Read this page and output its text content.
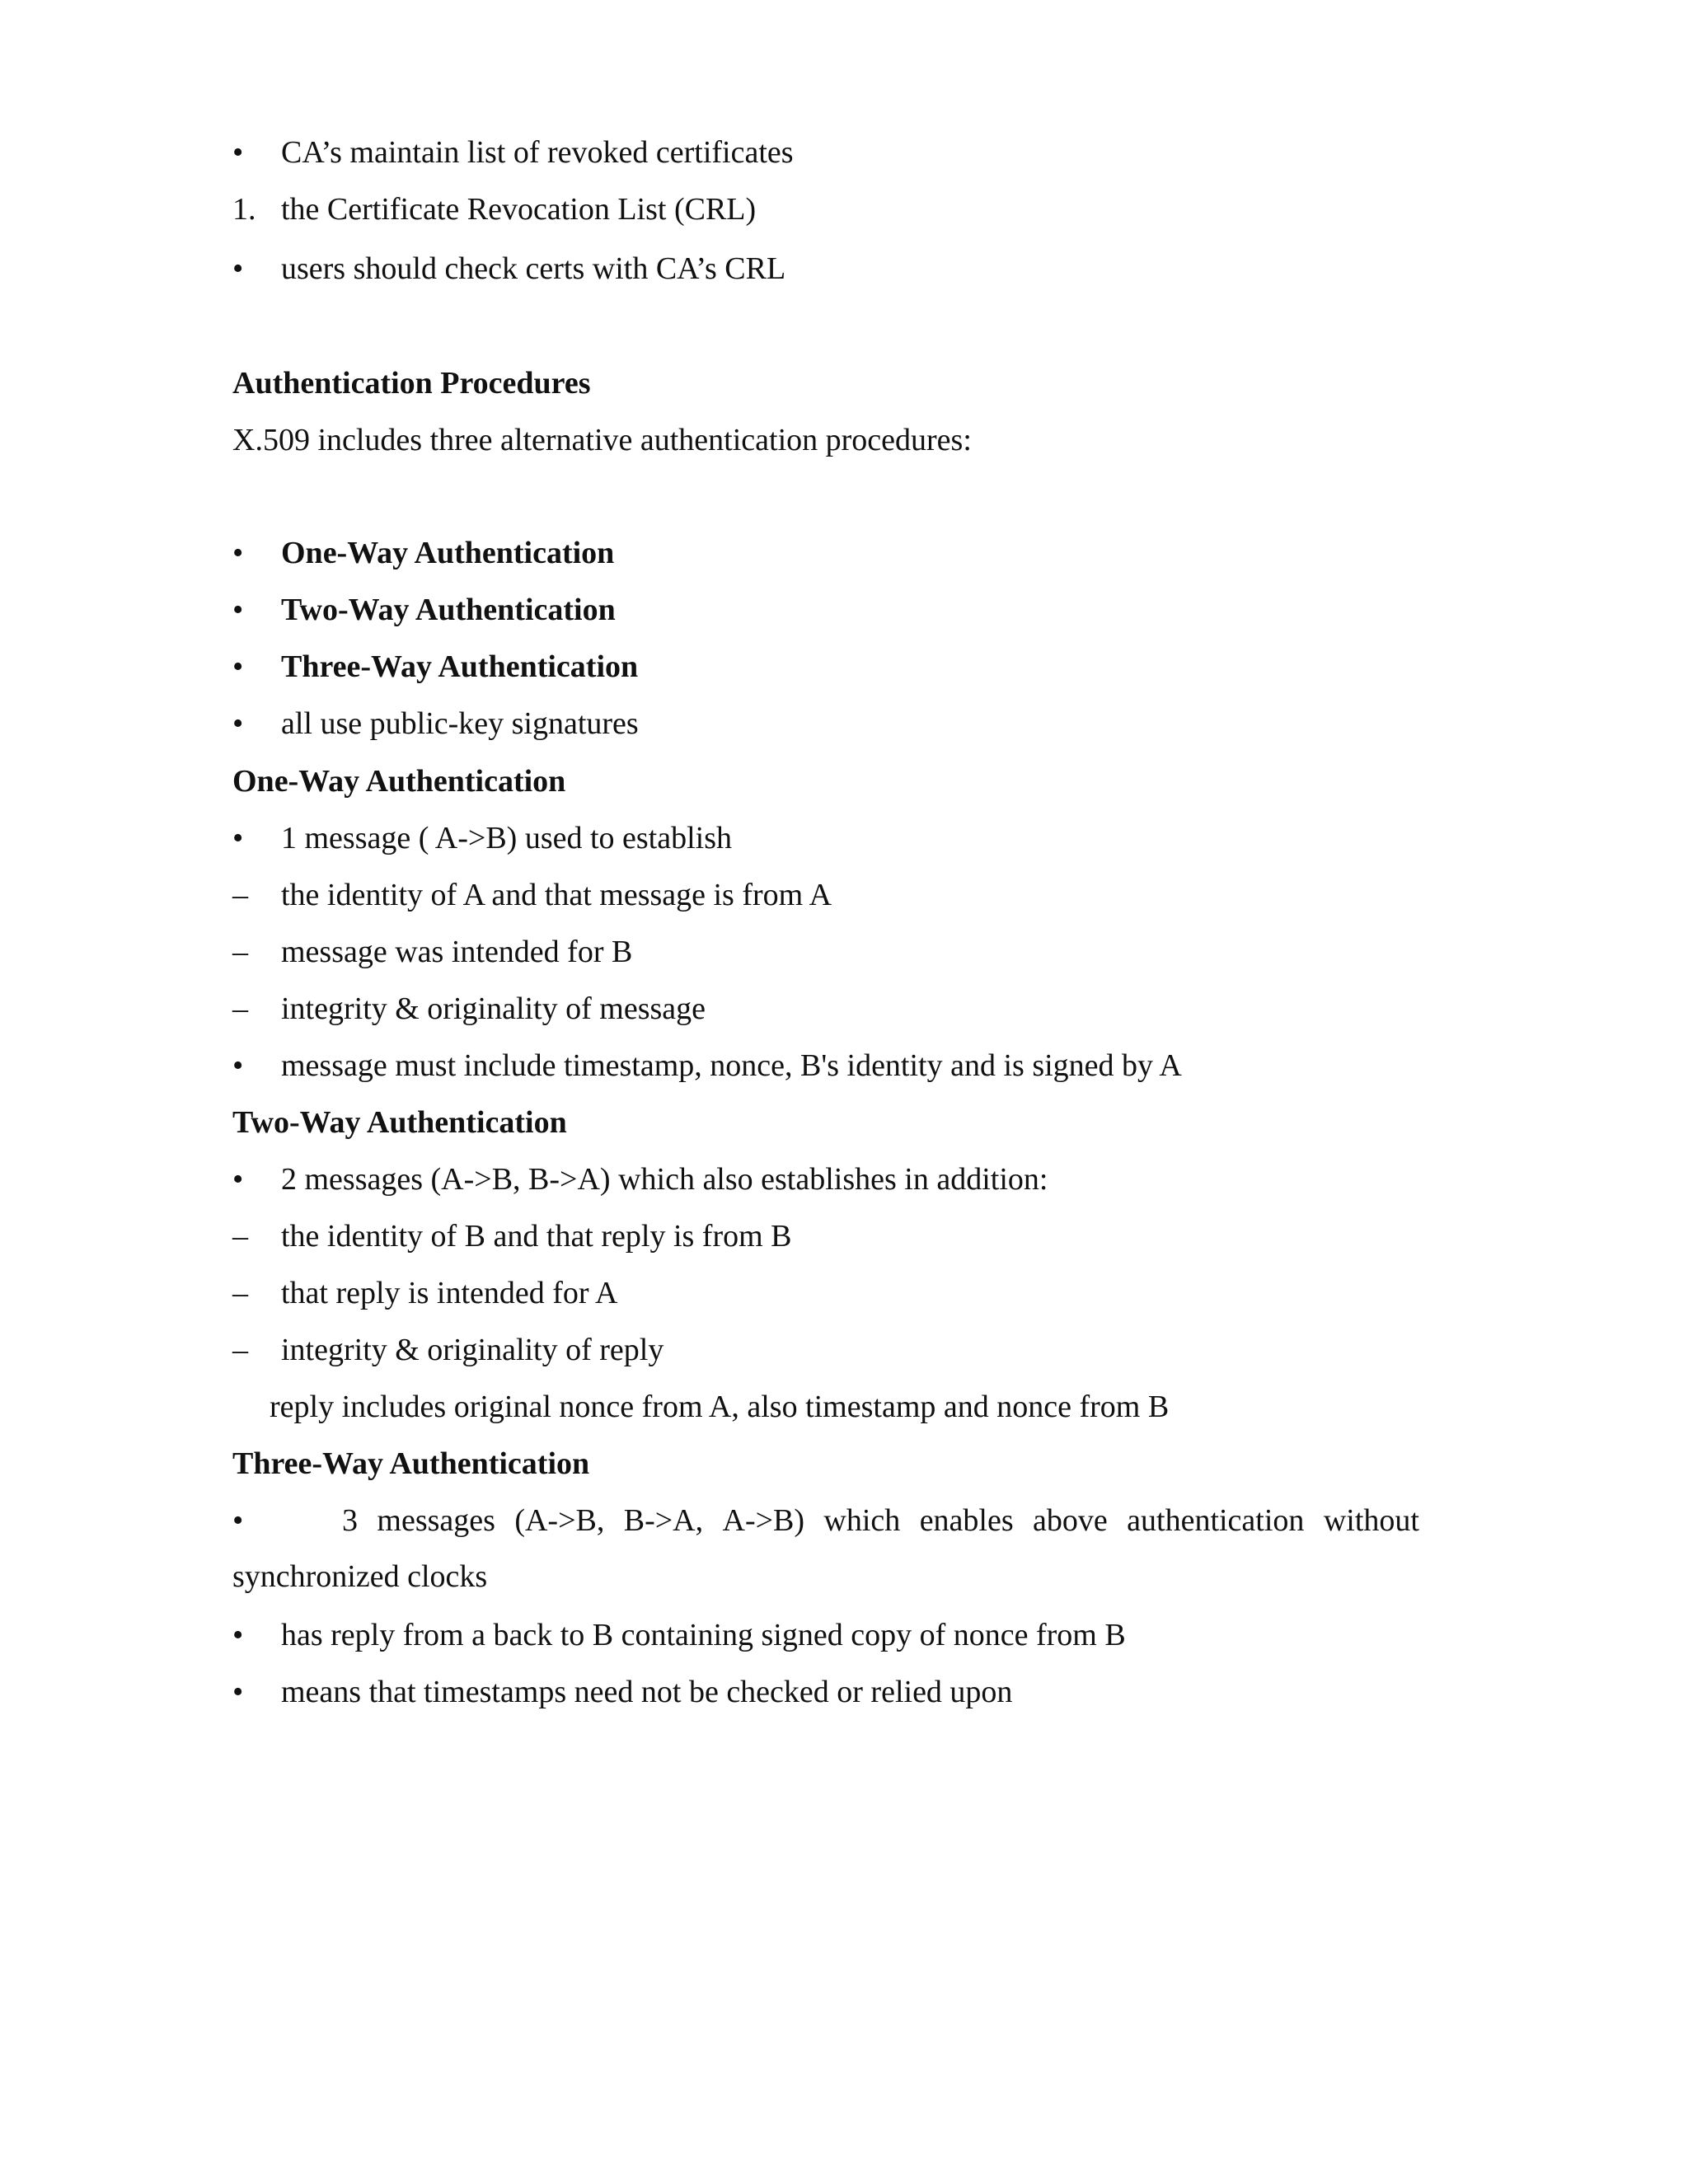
• CA’s maintain list of revoked certificates
1. the Certificate Revocation List (CRL)
• users should check certs with CA’s CRL
Authentication Procedures
X.509 includes three alternative authentication procedures:
• One-Way Authentication
• Two-Way Authentication
• Three-Way Authentication
• all use public-key signatures
One-Way Authentication
• 1 message ( A->B) used to establish
– the identity of A and that message is from A
– message was intended for B
– integrity & originality of message
• message must include timestamp, nonce, B's identity and is signed by A
Two-Way Authentication
• 2 messages (A->B, B->A) which also establishes in addition:
– the identity of B and that reply is from B
– that reply is intended for A
– integrity & originality of reply
reply includes original nonce from A, also timestamp and nonce from B
Three-Way Authentication
•	3 messages (A->B, B->A, A->B) which enables above authentication without
synchronized clocks
• has reply from a back to B containing signed copy of nonce from B
• means that timestamps need not be checked or relied upon
